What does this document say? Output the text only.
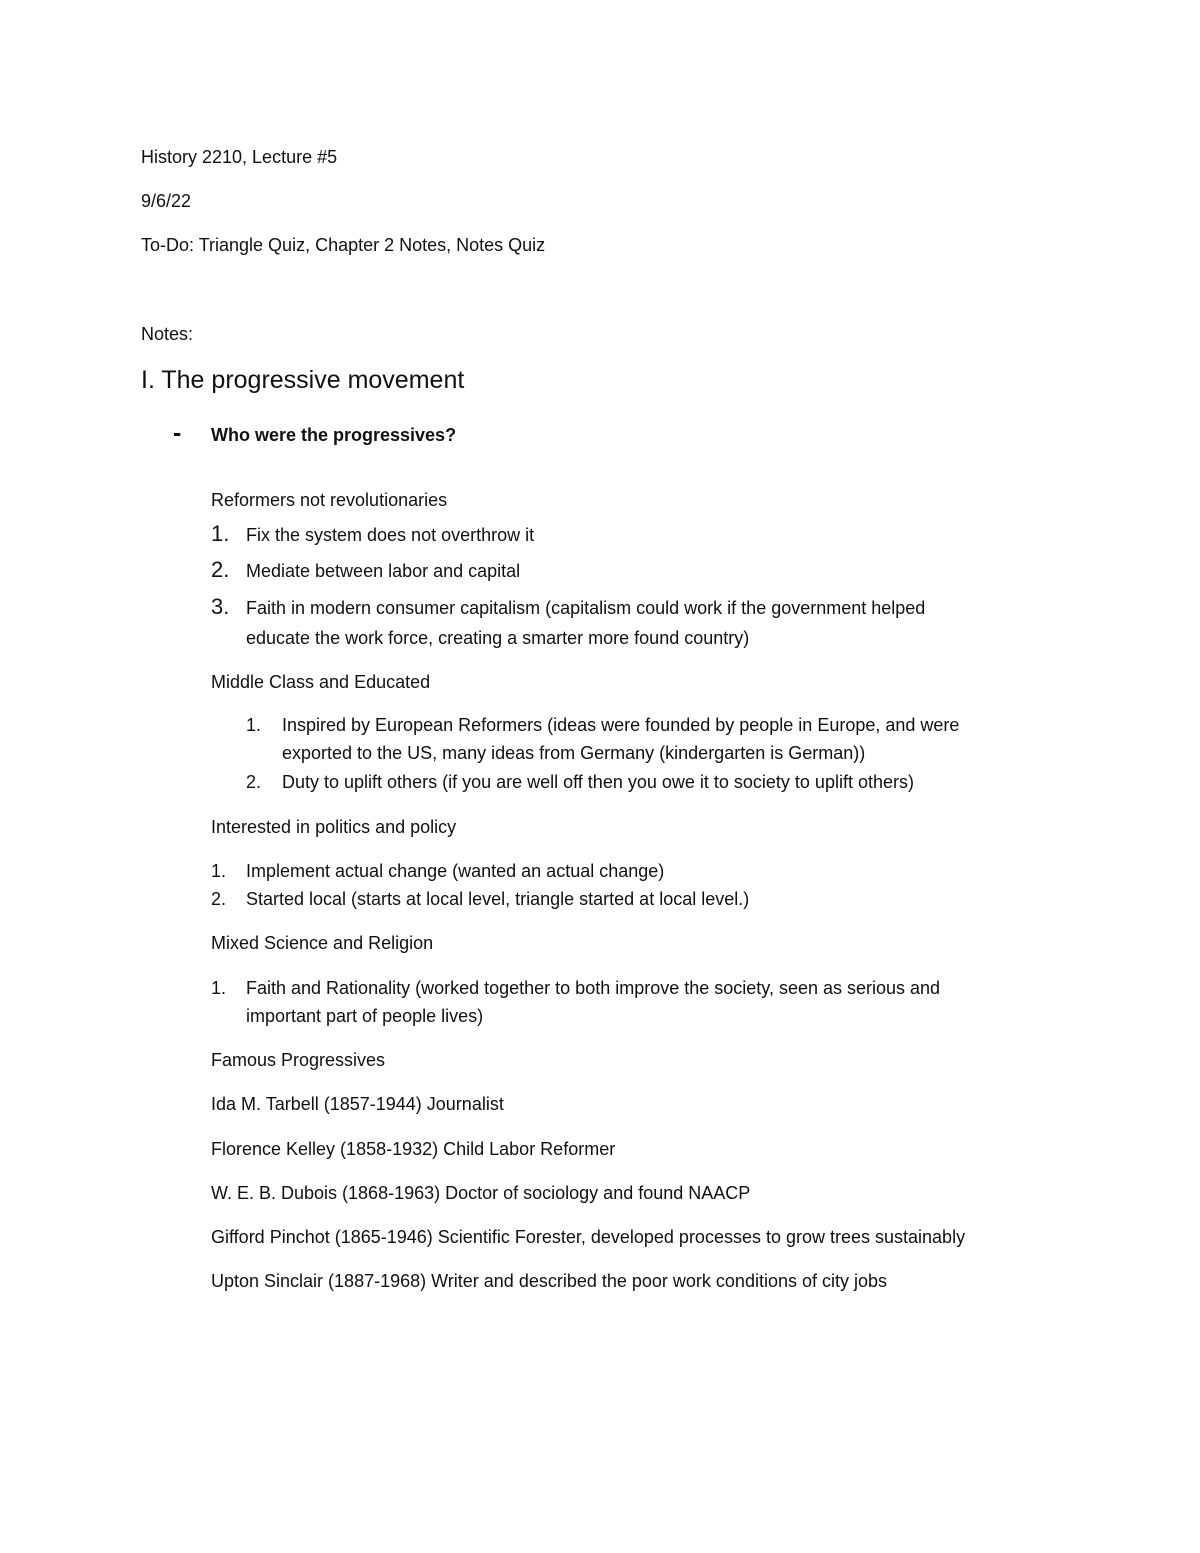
History 2210, Lecture #5
9/6/22
To-Do: Triangle Quiz, Chapter 2 Notes, Notes Quiz
Notes:
I. The progressive movement
- Who were the progressives?
Reformers not revolutionaries
1. Fix the system does not overthrow it
2. Mediate between labor and capital
3. Faith in modern consumer capitalism (capitalism could work if the government helped
educate the work force, creating a smarter more found country)
Middle Class and Educated
1. Inspired by European Reformers (ideas were founded by people in Europe, and were
exported to the US, many ideas from Germany (kindergarten is German))
2. Duty to uplift others (if you are well off then you owe it to society to uplift others)
Interested in politics and policy
1. Implement actual change (wanted an actual change)
2. Started local (starts at local level, triangle started at local level.)
Mixed Science and Religion
1. Faith and Rationality (worked together to both improve the society, seen as serious and
important part of people lives)
Famous Progressives
Ida M. Tarbell (1857-1944) Journalist
Florence Kelley (1858-1932) Child Labor Reformer
W. E. B. Dubois (1868-1963) Doctor of sociology and found NAACP
Gifford Pinchot (1865-1946) Scientific Forester, developed processes to grow trees sustainably
Upton Sinclair (1887-1968) Writer and described the poor work conditions of city jobs
